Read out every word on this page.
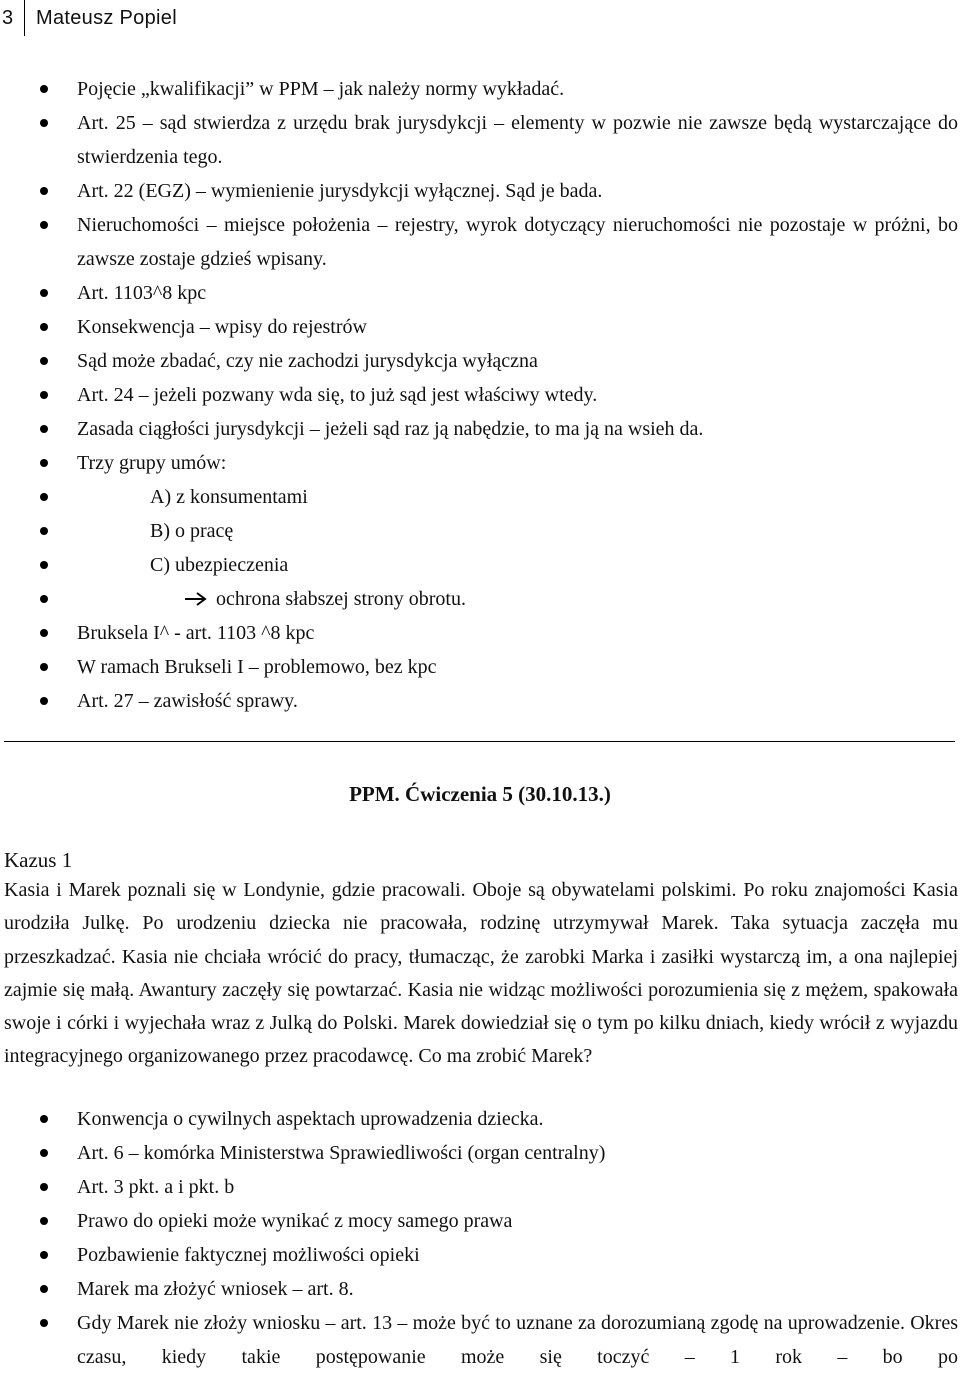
3 Mateusz Popiel
Pojęcie „kwalifikacji” w PPM – jak należy normy wykładać.
Art. 25 – sąd stwierdza z urzędu brak jurysdykcji – elementy w pozwie nie zawsze będą wystarczające do stwierdzenia tego.
Art. 22 (EGZ) – wymienienie jurysdykcji wyłącznej. Sąd je bada.
Nieruchomości – miejsce położenia – rejestry, wyrok dotyczący nieruchomości nie pozostaje w próżni, bo zawsze zostaje gdzieś wpisany.
Art. 1103^8 kpc
Konsekwencja – wpisy do rejestrów
Sąd może zbadać, czy nie zachodzi jurysdykcja wyłączna
Art. 24 – jeżeli pozwany wda się, to już sąd jest właściwy wtedy.
Zasada ciągłości jurysdykcji – jeżeli sąd raz ją nabędzie, to ma ją na wsieh da.
Trzy grupy umów:
A) z konsumentami
B) o pracę
C) ubezpieczenia
ochrona słabszej strony obrotu.
Bruksela I^ - art. 1103 ^8 kpc
W ramach Brukseli I – problemowo, bez kpc
Art. 27 – zawisłość sprawy.
PPM. Ćwiczenia 5 (30.10.13.)
Kazus 1

Kasia i Marek poznali się w Londynie, gdzie pracowali. Oboje są obywatelami polskimi. Po roku znajomości Kasia urodziła Julkę. Po urodzeniu dziecka nie pracowała, rodzinę utrzymywał Marek. Taka sytuacja zaczęła mu przeszkadzać. Kasia nie chciała wrócić do pracy, tłumacząc, że zarobki Marka i zasiłki wystarczą im, a ona najlepiej zajmie się małą. Awantury zaczęły się powtarzać. Kasia nie widząc możliwości porozumienia się z mężem, spakowała swoje i córki i wyjechała wraz z Julką do Polski. Marek dowiedział się o tym po kilku dniach, kiedy wrócił z wyjazdu integracyjnego organizowanego przez pracodawcę. Co ma zrobić Marek?

Konwencja o cywilnych aspektach uprowadzenia dziecka.
Art. 6 – komórka Ministerstwa Sprawiedliwości (organ centralny)
Art. 3 pkt. a i pkt. b
Prawo do opieki może wynikać z mocy samego prawa
Pozbawienie faktycznej możliwości opieki
Marek ma złożyć wniosek – art. 8.
Gdy Marek nie złoży wniosku – art. 13 – może być to uznane za dorozumianą zgodę na uprowadzenie. Okres czasu, kiedy takie postępowanie może się toczyć – 1 rok – bo po
